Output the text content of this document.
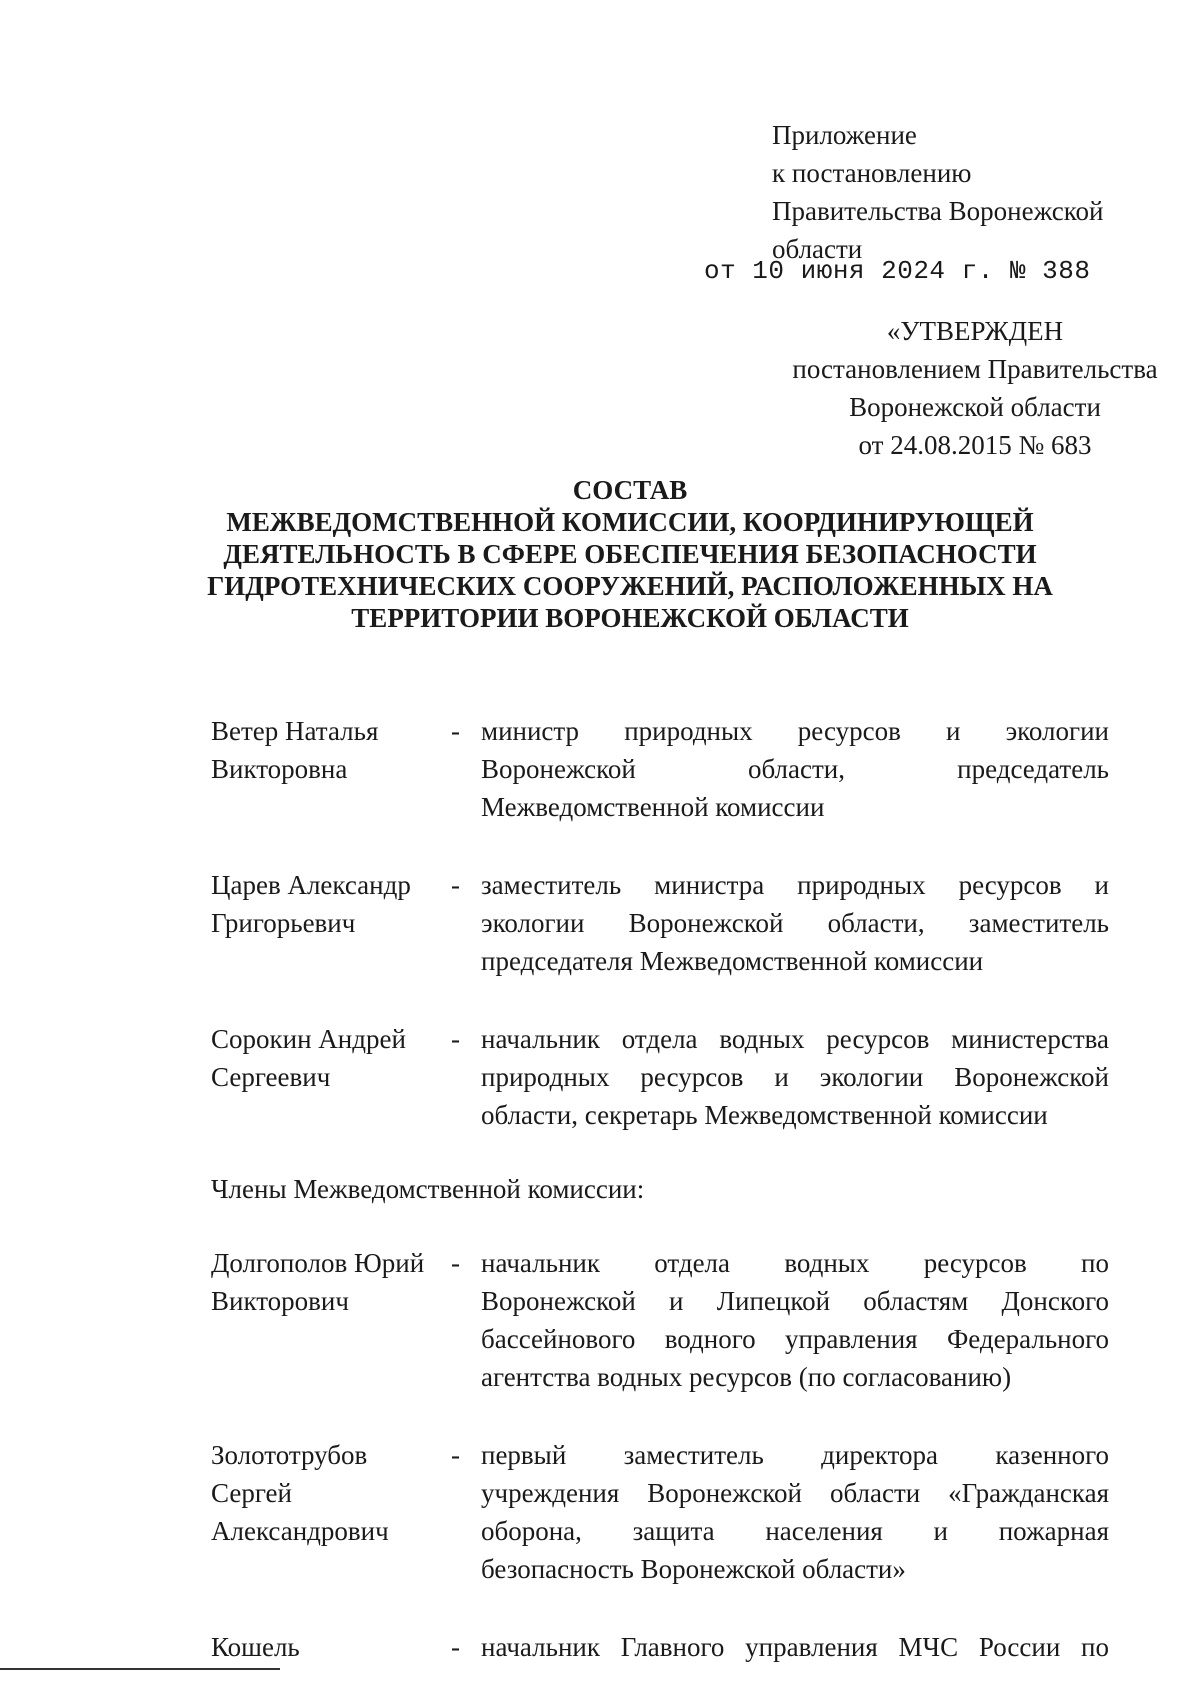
Приложение
к постановлению
Правительства Воронежской
области
от 10 июня 2024 г. № 388
«УТВЕРЖДЕН
постановлением Правительства
Воронежской области
от 24.08.2015 № 683
СОСТАВ
МЕЖВЕДОМСТВЕННОЙ КОМИССИИ, КООРДИНИРУЮЩЕЙ
ДЕЯТЕЛЬНОСТЬ В СФЕРЕ ОБЕСПЕЧЕНИЯ БЕЗОПАСНОСТИ
ГИДРОТЕХНИЧЕСКИХ СООРУЖЕНИЙ, РАСПОЛОЖЕННЫХ НА
ТЕРРИТОРИИ ВОРОНЕЖСКОЙ ОБЛАСТИ
Ветер Наталья
Викторовна
- министр природных ресурсов и экологии
Воронежской области, председатель
Межведомственной комиссии
Царев Александр
Григорьевич
- заместитель министра природных ресурсов и
экологии Воронежской области, заместитель
председателя Межведомственной комиссии
Сорокин Андрей
Сергеевич
- начальник отдела водных ресурсов министерства
природных ресурсов и экологии Воронежской
области, секретарь Межведомственной комиссии
Члены Межведомственной комиссии:
Долгополов Юрий
Викторович
- начальник отдела водных ресурсов по
Воронежской и Липецкой областям Донского
бассейнового водного управления Федерального
агентства водных ресурсов (по согласованию)
Золототрубов
Сергей
Александрович
- первый заместитель директора казенного
учреждения Воронежской области «Гражданская
оборона, защита населения и пожарная
безопасность Воронежской области»
Кошель	- начальник Главного управления МЧС России по
